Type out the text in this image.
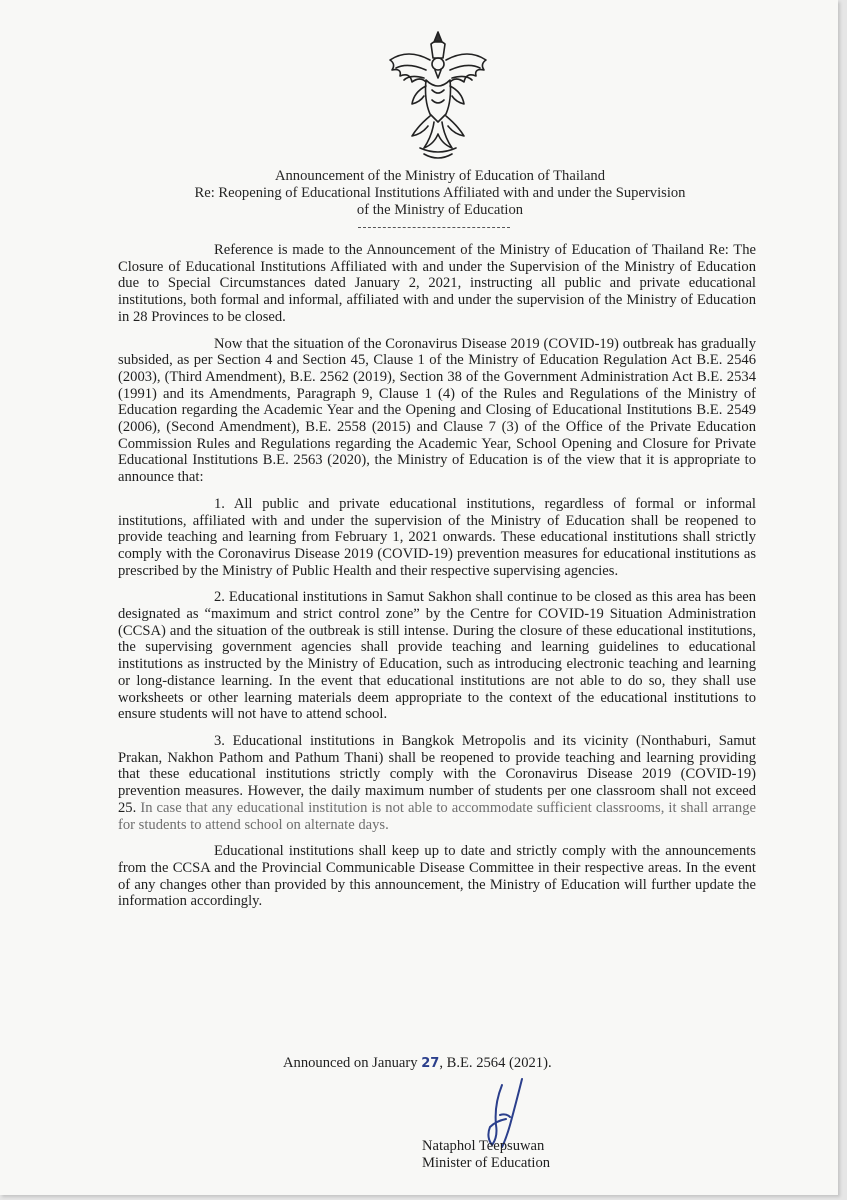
Announcement of the Ministry of Education of Thailand
Re: Reopening of Educational Institutions Affiliated with and under the Supervision
of the Ministry of Education

Reference is made to the Announcement of the Ministry of Education of Thailand Re: The Closure of Educational Institutions Affiliated with and under the Supervision of the Ministry of Education due to Special Circumstances dated January 2, 2021, instructing all public and private educational institutions, both formal and informal, affiliated with and under the supervision of the Ministry of Education in 28 Provinces to be closed.

Now that the situation of the Coronavirus Disease 2019 (COVID-19) outbreak has gradually subsided, as per Section 4 and Section 45, Clause 1 of the Ministry of Education Regulation Act B.E. 2546 (2003), (Third Amendment), B.E. 2562 (2019), Section 38 of the Government Administration Act B.E. 2534 (1991) and its Amendments, Paragraph 9, Clause 1 (4) of the Rules and Regulations of the Ministry of Education regarding the Academic Year and the Opening and Closing of Educational Institutions B.E. 2549 (2006), (Second Amendment), B.E. 2558 (2015) and Clause 7 (3) of the Office of the Private Education Commission Rules and Regulations regarding the Academic Year, School Opening and Closure for Private Educational Institutions B.E. 2563 (2020), the Ministry of Education is of the view that it is appropriate to announce that:

1. All public and private educational institutions, regardless of formal or informal institutions, affiliated with and under the supervision of the Ministry of Education shall be reopened to provide teaching and learning from February 1, 2021 onwards. These educational institutions shall strictly comply with the Coronavirus Disease 2019 (COVID-19) prevention measures for educational institutions as prescribed by the Ministry of Public Health and their respective supervising agencies.

2. Educational institutions in Samut Sakhon shall continue to be closed as this area has been designated as “maximum and strict control zone” by the Centre for COVID-19 Situation Administration (CCSA) and the situation of the outbreak is still intense. During the closure of these educational institutions, the supervising government agencies shall provide teaching and learning guidelines to educational institutions as instructed by the Ministry of Education, such as introducing electronic teaching and learning or long-distance learning. In the event that educational institutions are not able to do so, they shall use worksheets or other learning materials deem appropriate to the context of the educational institutions to ensure students will not have to attend school.

3. Educational institutions in Bangkok Metropolis and its vicinity (Nonthaburi, Samut Prakan, Nakhon Pathom and Pathum Thani) shall be reopened to provide teaching and learning providing that these educational institutions strictly comply with the Coronavirus Disease 2019 (COVID-19) prevention measures. However, the daily maximum number of students per one classroom shall not exceed 25. In case that any educational institution is not able to accommodate sufficient classrooms, it shall arrange for students to attend school on alternate days.

Educational institutions shall keep up to date and strictly comply with the announcements from the CCSA and the Provincial Communicable Disease Committee in their respective areas. In the event of any changes other than provided by this announcement, the Ministry of Education will further update the information accordingly.

Announced on January 27, B.E. 2564 (2021).
Nataphol Teepsuwan
Minister of Education
